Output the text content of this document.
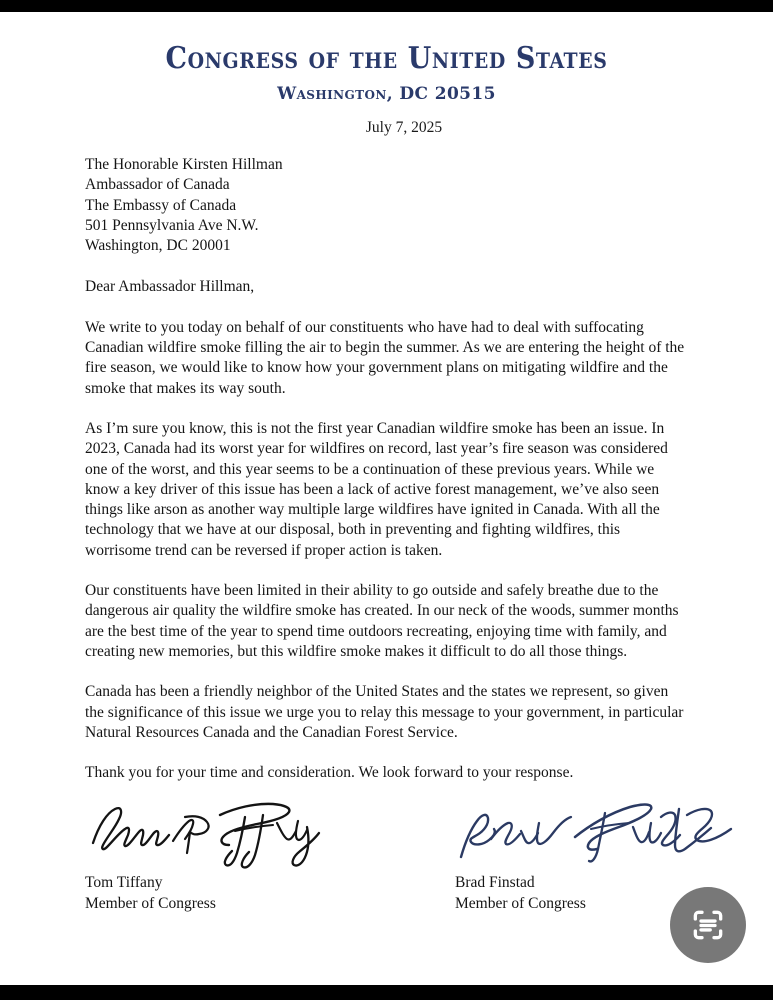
Congress of the United States
Washington, DC 20515
July 7, 2025
The Honorable Kirsten Hillman
Ambassador of Canada
The Embassy of Canada
501 Pennsylvania Ave N.W.
Washington, DC 20001
Dear Ambassador Hillman,
We write to you today on behalf of our constituents who have had to deal with suffocating Canadian wildfire smoke filling the air to begin the summer. As we are entering the height of the fire season, we would like to know how your government plans on mitigating wildfire and the smoke that makes its way south.
As I’m sure you know, this is not the first year Canadian wildfire smoke has been an issue. In 2023, Canada had its worst year for wildfires on record, last year’s fire season was considered one of the worst, and this year seems to be a continuation of these previous years. While we know a key driver of this issue has been a lack of active forest management, we’ve also seen things like arson as another way multiple large wildfires have ignited in Canada. With all the technology that we have at our disposal, both in preventing and fighting wildfires, this worrisome trend can be reversed if proper action is taken.
Our constituents have been limited in their ability to go outside and safely breathe due to the dangerous air quality the wildfire smoke has created. In our neck of the woods, summer months are the best time of the year to spend time outdoors recreating, enjoying time with family, and creating new memories, but this wildfire smoke makes it difficult to do all those things.
Canada has been a friendly neighbor of the United States and the states we represent, so given the significance of this issue we urge you to relay this message to your government, in particular Natural Resources Canada and the Canadian Forest Service.
Thank you for your time and consideration. We look forward to your response.
Tom Tiffany
Member of Congress
Brad Finstad
Member of Congress
